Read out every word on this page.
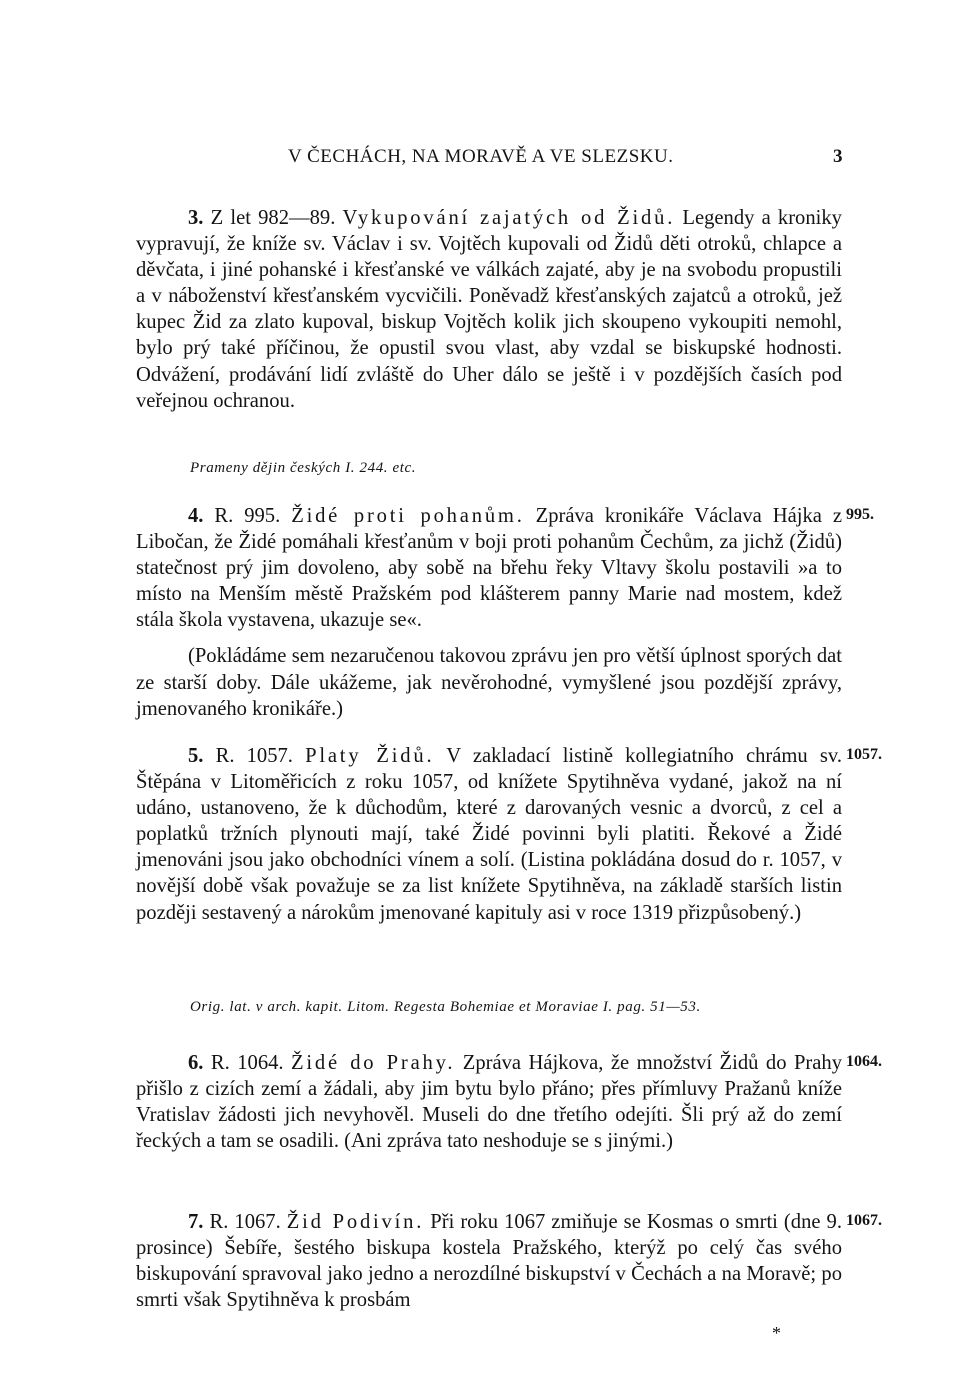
V ČECHÁCH, NA MORAVĚ A VE SLEZSKU.	3

3. Z let 982—89. Vykupování zajatých od Židů. Legendy a kroniky vypravují, že kníže sv. Václav i sv. Vojtěch kupovali od Židů děti otroků, chlapce a děvčata, i jiné pohanské i křesťanské ve válkách zajaté, aby je na svobodu propustili a v náboženství křesťanském vycvičili. Poněvadž křesťanských zajatců a otroků, jež kupec Žid za zlato kupoval, biskup Vojtěch kolik jich skoupeno vykoupiti nemohl, bylo prý také příčinou, že opustil svou vlast, aby vzdal se biskupské hodnosti. Odvážení, prodávání lidí zvláště do Uher dálo se ještě i v pozdějších časích pod veřejnou ochranou.

Prameny dějin českých I. 244. etc.

4. R. 995. Židé proti pohanům. Zpráva kronikáře Václava Hájka z Libočan, že Židé pomáhali křesťanům v boji proti pohanům Čechům, za jichž (Židů) statečnost prý jim dovoleno, aby sobě na břehu řeky Vltavy školu postavili »a to místo na Menším městě Pražském pod klášterem panny Marie nad mostem, kdež stála škola vystavena, ukazuje se«.

(Pokládáme sem nezaručenou takovou zprávu jen pro větší úplnost sporých dat ze starší doby. Dále ukážeme, jak nevěrohodné, vymyšlené jsou pozdější zprávy, jmenovaného kronikáře.)

995.

5. R. 1057. Platy Židů. V zakladací listině kollegiatního chrámu sv. Štěpána v Litoměřicích z roku 1057, od knížete Spytihněva vydané, jakož na ní udáno, ustanoveno, že k důchodům, které z darovaných vesnic a dvorců, z cel a poplatků tržních plynouti mají, také Židé povinni byli platiti. Řekové a Židé jmenováni jsou jako obchodníci vínem a solí. (Listina pokládána dosud do r. 1057, v novější době však považuje se za list knížete Spytihněva, na základě starších listin později sestavený a nárokům jmenované kapituly asi v roce 1319 přizpůsobený.)

1057.
Orig. lat. v arch. kapit. Litom. Regesta Bohemiae et Moraviae I. pag. 51—53.

6. R. 1064. Židé do Prahy. Zpráva Hájkova, že množství Židů do Prahy přišlo z cizích zemí a žádali, aby jim bytu bylo přáno; přes přímluvy Pražanů kníže Vratislav žádosti jich nevyhověl. Museli do dne třetího odejíti. Šli prý až do zemí řeckých a tam se osadili. (Ani zpráva tato neshoduje se s jinými.)

1064.

7. R. 1067. Žid Podivín. Při roku 1067 zmiňuje se Kosmas o smrti (dne 9. prosince) Šebíře, šestého biskupa kostela Pražského, kterýž po celý čas svého biskupování spravoval jako jedno a nerozdílné biskupství v Čechách a na Moravě; po smrti však Spytihněva k prosbám

1067.
*
